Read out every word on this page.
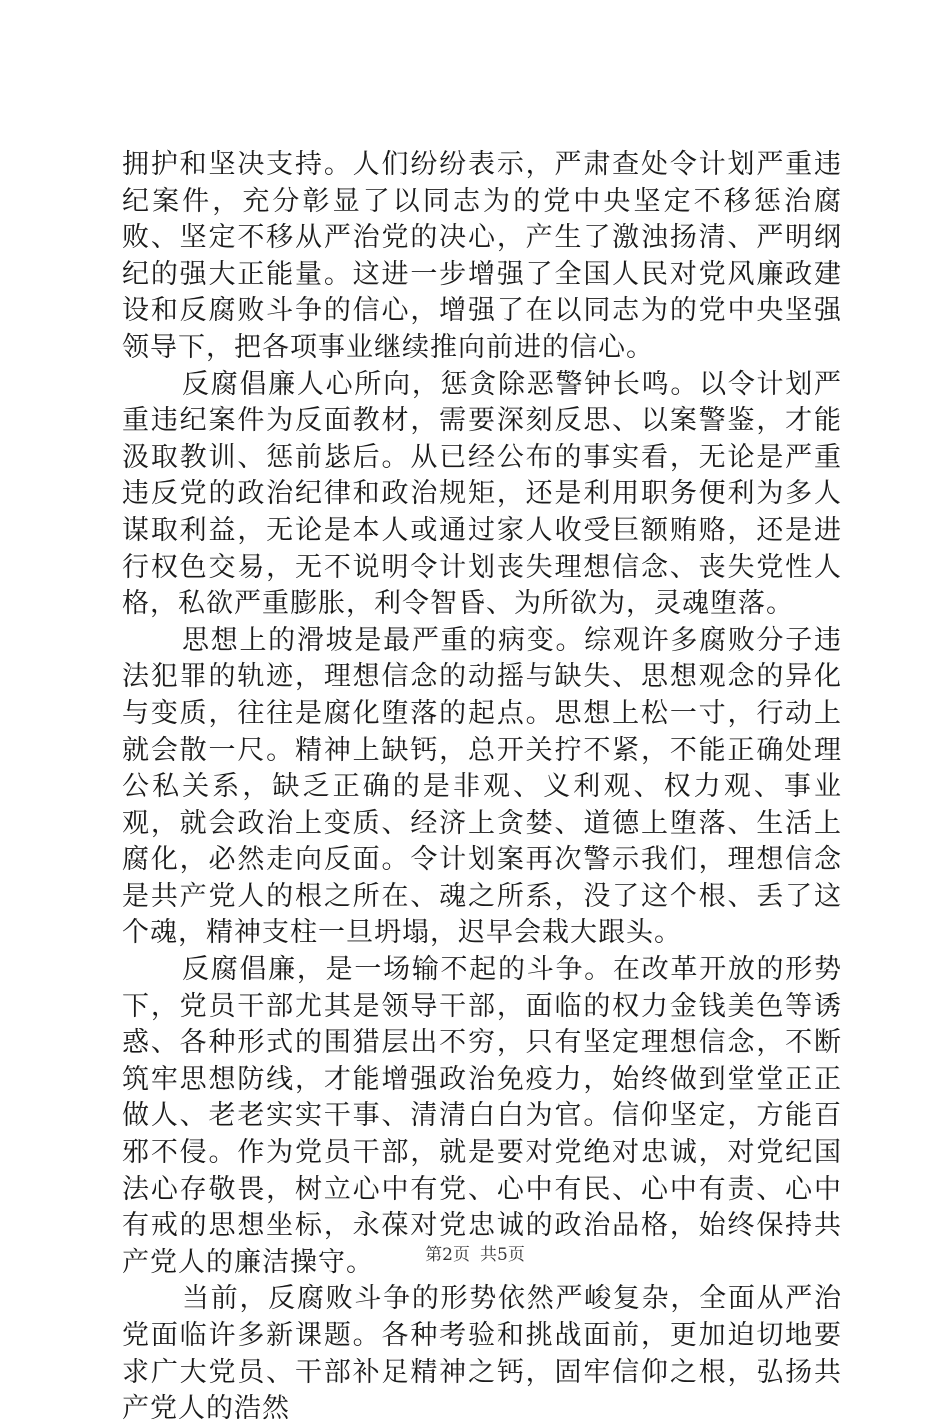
拥护和坚决支持。人们纷纷表示，严肃查处令计划严重违纪案件，充分彰显了以同志为的党中央坚定不移惩治腐败、坚定不移从严治党的决心，产生了激浊扬清、严明纲纪的强大正能量。这进一步增强了全国人民对党风廉政建设和反腐败斗争的信心，增强了在以同志为的党中央坚强领导下，把各项事业继续推向前进的信心。

反腐倡廉人心所向，惩贪除恶警钟长鸣。以令计划严重违纪案件为反面教材，需要深刻反思、以案警鉴，才能汲取教训、惩前毖后。从已经公布的事实看，无论是严重违反党的政治纪律和政治规矩，还是利用职务便利为多人谋取利益，无论是本人或通过家人收受巨额贿赂，还是进行权色交易，无不说明令计划丧失理想信念、丧失党性人格，私欲严重膨胀，利令智昏、为所欲为，灵魂堕落。

思想上的滑坡是最严重的病变。综观许多腐败分子违法犯罪的轨迹，理想信念的动摇与缺失、思想观念的异化与变质，往往是腐化堕落的起点。思想上松一寸，行动上就会散一尺。精神上缺钙，总开关拧不紧，不能正确处理公私关系，缺乏正确的是非观、义利观、权力观、事业观，就会政治上变质、经济上贪婪、道德上堕落、生活上腐化，必然走向反面。令计划案再次警示我们，理想信念是共产党人的根之所在、魂之所系，没了这个根、丢了这个魂，精神支柱一旦坍塌，迟早会栽大跟头。

反腐倡廉，是一场输不起的斗争。在改革开放的形势下，党员干部尤其是领导干部，面临的权力金钱美色等诱惑、各种形式的围猎层出不穷，只有坚定理想信念，不断筑牢思想防线，才能增强政治免疫力，始终做到堂堂正正做人、老老实实干事、清清白白为官。信仰坚定，方能百邪不侵。作为党员干部，就是要对党绝对忠诚，对党纪国法心存敬畏，树立心中有党、心中有民、心中有责、心中有戒的思想坐标，永葆对党忠诚的政治品格，始终保持共产党人的廉洁操守。

当前，反腐败斗争的形势依然严峻复杂，全面从严治党面临许多新课题。各种考验和挑战面前，更加迫切地要求广大党员、干部补足精神之钙，固牢信仰之根，弘扬共产党人的浩然

第2页 共5页
